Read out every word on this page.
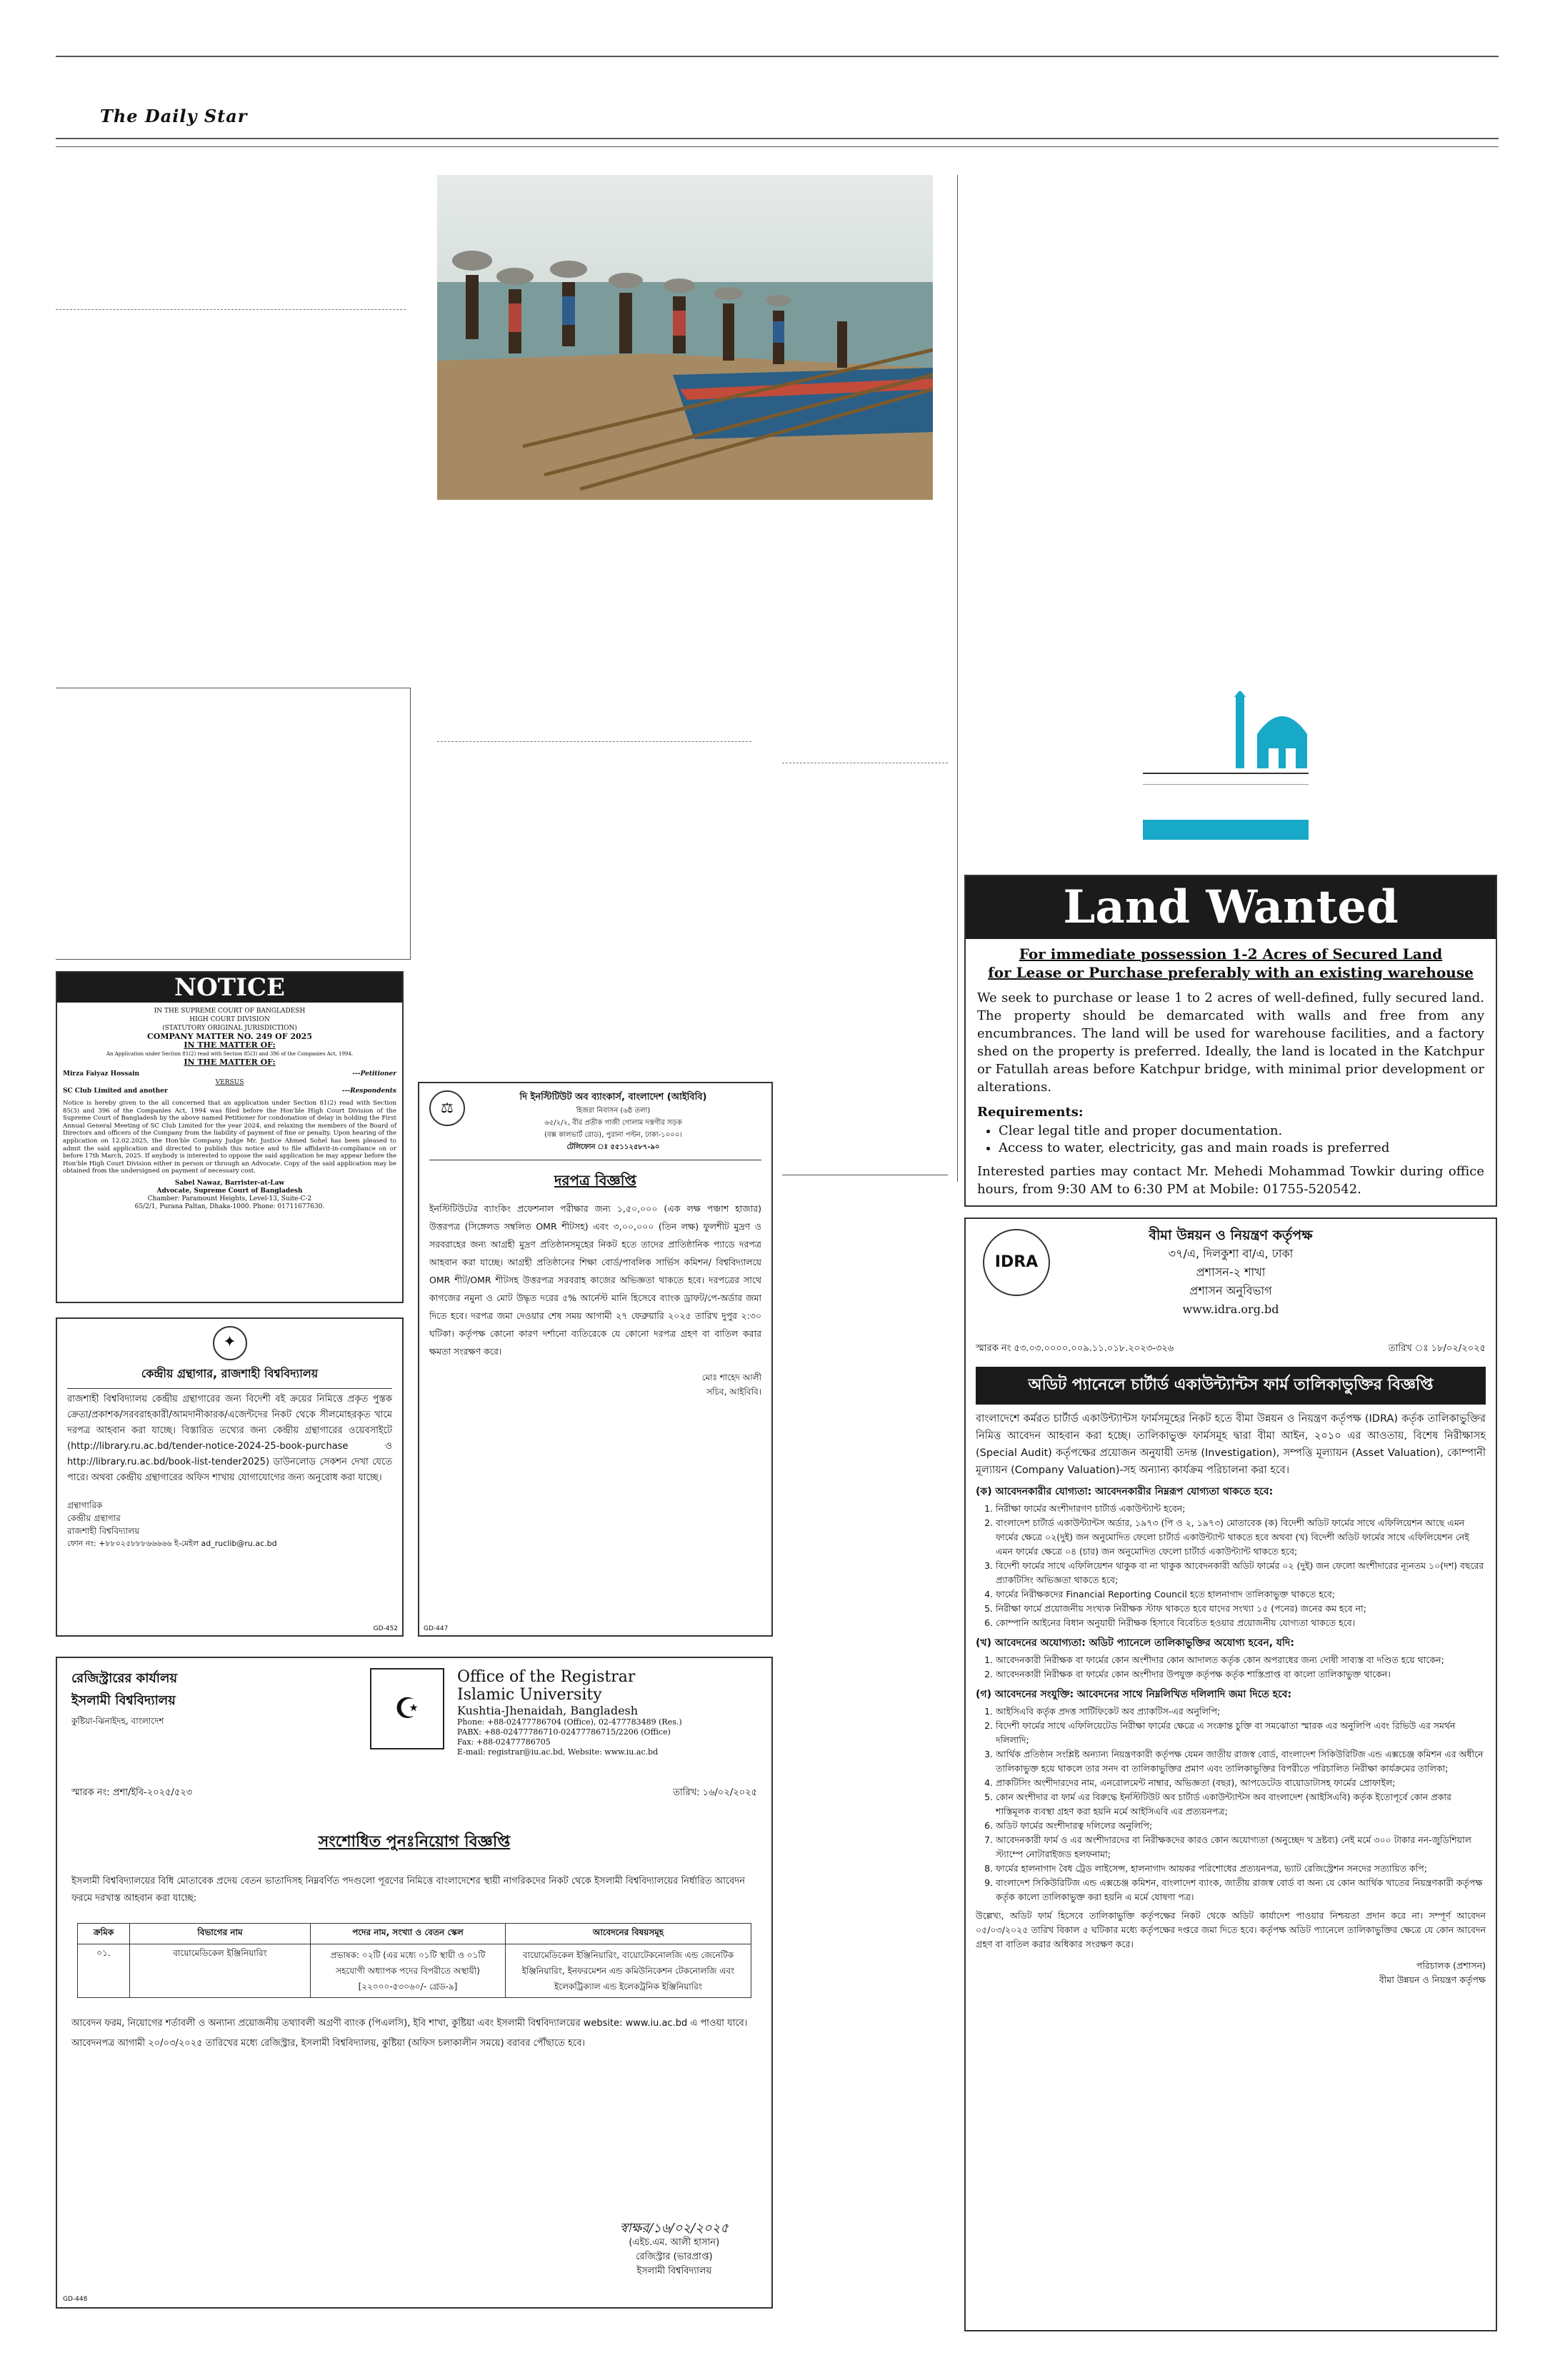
The Daily Star
NOTICE
IN THE SUPREME COURT OF BANGLADESH
HIGH COURT DIVISION
(STATUTORY ORIGINAL JURISDICTION)
COMPANY MATTER NO. 249 OF 2025
IN THE MATTER OF:
An Application under Section 81(2) read with Section 85(3) and 396 of the Companies Act, 1994.
IN THE MATTER OF:
Mirza Faiyaz Hossain	---Petitioner
VERSUS
SC Club Limited and another	---Respondents
Notice is hereby given to the all concerned that an application under Section 81(2) read with Section 85(3) and 396 of the Companies Act, 1994 was filed before the Hon'ble High Court Division of the Supreme Court of Bangladesh by the above named Petitioner for condonation of delay in holding the First Annual General Meeting of SC Club Limited for the year 2024, and relaxing the members of the Board of Directors and officers of the Company from the liability of payment of fine or penalty. Upon hearing of the application on 12.02.2025, the Hon'ble Company Judge Mr. Justice Ahmed Sohel has been pleased to admit the said application and directed to publish this notice and to file affidavit-in-compliance on or before 17th March, 2025. If anybody is interested to oppose the said application he may appear before the Hon'ble High Court Division either in person or through an Advocate. Copy of the said application may be obtained from the undersigned on payment of necessary cost.
Sabel Nawaz, Barrister-at-Law
Advocate, Supreme Court of Bangladesh
Chamber: Paramount Heights, Level-13, Suite-C-2
65/2/1, Purana Paltan, Dhaka-1000. Phone: 01711677630.
✦
কেন্দ্রীয় গ্রন্থাগার, রাজশাহী বিশ্ববিদ্যালয়
রাজশাহী বিশ্ববিদ্যালয় কেন্দ্রীয় গ্রন্থাগারের জন্য বিদেশী বই ক্রয়ের নিমিত্তে প্রকৃত পুস্তক ক্রেতা/প্রকাশক/সরবরাহকারী/আমদানীকারক/এজেন্টদের নিকট থেকে সীলমোহরকৃত খামে দরপত্র আহবান করা যাচ্ছে। বিস্তারিত তথ্যের জন্য কেন্দ্রীয় গ্রন্থাগারের ওয়েবসাইটে (http://library.ru.ac.bd/tender-notice-2024-25-book-purchase ও http://library.ru.ac.bd/book-list-tender2025) ডাউনলোড সেকশন দেখা যেতে পারে। অথবা কেন্দ্রীয় গ্রন্থাগারের অফিস শাখায় যোগাযোগের জন্য অনুরোধ করা যাচ্ছে।
গ্রন্থাগারিক
কেন্দ্রীয় গ্রন্থাগার
রাজশাহী বিশ্ববিদ্যালয়
ফোন নং: +৮৮০২৫৮৮৮৬৬৬৬৬ ই-মেইল ad_ruclib@ru.ac.bd
GD-452
⚖
দি ইনস্টিটিউট অব ব্যাংকার্স, বাংলাদেশ (আইবিবি)
হিজরা নিবাসন (৬ষ্ঠ তলা)
৬৫/২/২, বীর প্রতীক গাজী গোলাম দস্তগীর সড়ক
(বক্স কালভার্ট রোড), পুরানা পল্টন, ঢাকা-১০০০।
টেলিফোন ঃ ৫৫১১২৫৮৭-৯০
দরপত্র বিজ্ঞপ্তি
ইনস্টিটিউটের ব্যাংকিং প্রফেশনাল পরীক্ষার জন্য ১,৫০,০০০ (এক লক্ষ পঞ্চাশ হাজার) উত্তরপত্র (সিঙ্গেলড সম্বলিত OMR শীটসহ) এবং ৩,০০,০০০ (তিন লক্ষ) ফুলশীট মুদ্রণ ও সরবরাহের জন্য আগ্রহী মুদ্রণ প্রতিষ্ঠানসমূহের নিকট হতে তাদের প্রাতিষ্ঠানিক প্যাডে দরপত্র আহবান করা যাচ্ছে। আগ্রহী প্রতিষ্ঠানের শিক্ষা বোর্ড/পাবলিক সার্ভিস কমিশন/ বিশ্ববিদ্যালয়ে OMR শীট/OMR শীটসহ উত্তরপত্র সরবরাহ কাজের অভিজ্ঞতা থাকতে হবে। দরপত্রের সাথে কাগজের নমুনা ও মোট উদ্ধৃত দরের ৫% আর্নেস্ট মানি হিসেবে ব্যাংক ড্রাফট/পে-অর্ডার জমা দিতে হবে। দরপত্র জমা দেওয়ার শেষ সময় আগামী ২৭ ফেব্রুয়ারি ২০২৫ তারিখ দুপুর ২:৩০ ঘটিকা। কর্তৃপক্ষ কোনো কারণ দর্শানো ব্যতিরেকে যে কোনো দরপত্র গ্রহণ বা বাতিল করার ক্ষমতা সংরক্ষণ করে।
মোঃ শাহেদ আলী
সচিব, আইবিবি।
GD-447
রেজিস্ট্রারের কার্যালয়
ইসলামী বিশ্ববিদ্যালয়
কুষ্টিয়া-ঝিনাইদহ, বাংলাদেশ	☪
Office of the Registrar
Islamic University
Kushtia-Jhenaidah, Bangladesh
Phone: +88-02477786704 (Office), 02-477783489 (Res.)
PABX: +88-02477786710-02477786715/2206 (Office)
Fax: +88-02477786705
E-mail: registrar@iu.ac.bd, Website: www.iu.ac.bd
স্মারক নং: প্রশা/ইবি-২০২৫/৫২৩	তারিখ: ১৬/০২/২০২৫
সংশোধিত পুনঃনিয়োগ বিজ্ঞপ্তি
ইসলামী বিশ্ববিদ্যালয়ের বিধি মোতাবেক প্রদেয় বেতন ভাতাদিসহ নিম্নবর্ণিত পদগুলো পূরণের নিমিত্তে বাংলাদেশের স্থায়ী নাগরিকদের নিকট থেকে ইসলামী বিশ্ববিদ্যালয়ের নির্ধারিত আবেদন ফরমে দরখাস্ত আহবান করা যাচ্ছে:
ক্রমিক	বিভাগের নাম	পদের নাম, সংখ্যা ও বেতন স্কেল	আবেদনের বিষয়সমূহ
০১.	বায়োমেডিকেল ইঞ্জিনিয়ারিং	প্রভাষক: ০২টি (এর মধ্যে ০১টি স্থায়ী ও ০১টি সহযোগী অধ্যাপক পদের বিপরীতে অস্থায়ী) [২২০০০-৫৩০৬০/- গ্রেড-৯]	বায়োমেডিকেল ইঞ্জিনিয়ারিং, বায়োটেকনোলজি এন্ড জেনেটিক ইঞ্জিনিয়ারিং, ইনফরমেশন এন্ড কমিউনিকেশন টেকনোলজি এবং ইলেকট্রিক্যাল এন্ড ইলেকট্রনিক ইঞ্জিনিয়ারিং
আবেদন ফরম, নিয়োগের শর্তাবলী ও অন্যান্য প্রয়োজনীয় তথ্যাবলী অগ্রণী ব্যাংক (পিএলসি), ইবি শাখা, কুষ্টিয়া এবং ইসলামী বিশ্ববিদ্যালয়ের website: www.iu.ac.bd এ পাওয়া যাবে। আবেদনপত্র আগামী ২০/০৩/২০২৫ তারিখের মধ্যে রেজিস্ট্রার, ইসলামী বিশ্ববিদ্যালয়, কুষ্টিয়া (অফিস চলাকালীন সময়ে) বরাবর পৌঁছাতে হবে।
স্বাক্ষর/১৬/০২/২০২৫
(এইচ.এম. আলী হাসান)
রেজিস্ট্রার (ভারপ্রাপ্ত)
ইসলামী বিশ্ববিদ্যালয়
GD-448
Land Wanted
For immediate possession 1-2 Acres of Secured Land
for Lease or Purchase preferably with an existing warehouse
We seek to purchase or lease 1 to 2 acres of well-defined, fully secured land. The property should be demarcated with walls and free from any encumbrances. The land will be used for warehouse facilities, and a factory shed on the property is preferred. Ideally, the land is located in the Katchpur or Fatullah areas before Katchpur bridge, with minimal prior development or alterations.
Requirements:
• Clear legal title and proper documentation.
• Access to water, electricity, gas and main roads is preferred
Interested parties may contact Mr. Mehedi Mohammad Towkir during office hours, from 9:30 AM to 6:30 PM at Mobile: 01755-520542.
IDRA
বীমা উন্নয়ন ও নিয়ন্ত্রণ কর্তৃপক্ষ
৩৭/এ, দিলকুশা বা/এ, ঢাকা
প্রশাসন-২ শাখা
প্রশাসন অনুবিভাগ
www.idra.org.bd
স্মারক নং ৫৩.০৩.০০০০.০০৯.১১.০১৮.২০২৩-৩২৬	তারিখ ঃ ১৮/০২/২০২৫
অডিট প্যানেলে চার্টার্ড একাউন্ট্যান্টস ফার্ম তালিকাভুক্তির বিজ্ঞপ্তি
বাংলাদেশে কর্মরত চার্টার্ড একাউন্ট্যান্টস ফার্মসমূহের নিকট হতে বীমা উন্নয়ন ও নিয়ন্ত্রণ কর্তৃপক্ষ (IDRA) কর্তৃক তালিকাভুক্তির নিমিত্ত আবেদন আহবান করা হচ্ছে। তালিকাভুক্ত ফার্মসমূহ দ্বারা বীমা আইন, ২০১০ এর আওতায়, বিশেষ নিরীক্ষাসহ (Special Audit) কর্তৃপক্ষের প্রয়োজন অনুযায়ী তদন্ত (Investigation), সম্পত্তি মূল্যায়ন (Asset Valuation), কোম্পানী মূল্যায়ন (Company Valuation)-সহ অন্যান্য কার্যক্রম পরিচালনা করা হবে।
(ক) আবেদনকারীর যোগ্যতা: আবেদনকারীর নিম্নরূপ যোগ্যতা থাকতে হবে:
1. নিরীক্ষা ফার্মের অংশীদারগণ চার্টার্ড একাউন্ট্যান্ট হবেন;
2. বাংলাদেশ চার্টার্ড একাউন্ট্যান্টস অর্ডার, ১৯৭৩ (পি ও ২, ১৯৭৩) মোতাবেক (ক) বিদেশী অডিট ফার্মের সাথে এফিলিয়েশন আছে এমন ফার্মের ক্ষেত্রে ০২(দুই) জন অনুমোদিত ফেলো চার্টার্ড একাউন্ট্যান্ট থাকতে হবে অথবা (খ) বিদেশী অডিট ফার্মের সাথে এফিলিয়েশন নেই এমন ফার্মের ক্ষেত্রে ০৪ (চার) জন অনুমোদিত ফেলো চার্টার্ড একাউন্ট্যান্ট থাকতে হবে;
3. বিদেশী ফার্মের সাথে এফিলিয়েশন থাকুক বা না থাকুক আবেদনকারী অডিট ফার্মের ০২ (দুই) জন ফেলো অংশীদারের ন্যূনতম ১০(দশ) বছরের প্র্যাকটিসিং অভিজ্ঞতা থাকতে হবে;
4. ফার্মের নিরীক্ষকদের Financial Reporting Council হতে হালনাগাদ তালিকাভুক্ত থাকতে হবে;
5. নিরীক্ষা ফার্মে প্রয়োজনীয় সংখ্যক নিরীক্ষক স্টাফ থাকতে হবে যাদের সংখ্যা ১৫ (পনের) জনের কম হবে না;
6. কোম্পানি আইনের বিধান অনুযায়ী নিরীক্ষক হিসাবে বিবেচিত হওয়ার প্রয়োজনীয় যোগ্যতা থাকতে হবে।
(খ) আবেদনের অযোগ্যতা: অডিট প্যানেলে তালিকাভুক্তির অযোগ্য হবেন, যদি:
1. আবেদনকারী নিরীক্ষক বা ফার্মের কোন অংশীদার কোন আদালত কর্তৃক কোন অপরাধের জন্য দোষী সাব্যস্ত বা দণ্ডিত হয়ে থাকেন;
2. আবেদনকারী নিরীক্ষক বা ফার্মের কোন অংশীদার উপযুক্ত কর্তৃপক্ষ কর্তৃক শাস্তিপ্রাপ্ত বা কালো তালিকাভুক্ত থাকেন।
(গ) আবেদনের সংযুক্তি: আবেদনের সাথে নিম্নলিখিত দলিলাদি জমা দিতে হবে:
1. আইসিএবি কর্তৃক প্রদত্ত সার্টিফিকেট অব প্র্যাকটিস-এর অনুলিপি;
2. বিদেশী ফার্মের সাথে এফিলিয়েটেড নিরীক্ষা ফার্মের ক্ষেত্রে এ সংক্রান্ত চুক্তি বা সমঝোতা স্মারক এর অনুলিপি এবং রিভিউ এর সমর্থন দলিলাদি;
3. আর্থিক প্রতিষ্ঠান সংশ্লিষ্ট অন্যান্য নিয়ন্ত্রণকারী কর্তৃপক্ষ যেমন জাতীয় রাজস্ব বোর্ড, বাংলাদেশ সিকিউরিটিজ এন্ড এক্সচেঞ্জ কমিশন এর অধীনে তালিকাভুক্ত হয়ে থাকলে তার সনদ বা তালিকাভুক্তির প্রমাণ এবং তালিকাভুক্তির বিপরীতে পরিচালিত নিরীক্ষা কার্যক্রমের তালিকা;
4. প্রাকটিসিং অংশীদারদের নাম, এনরোলমেন্ট নাম্বার, অভিজ্ঞতা (বছর), আপডেটেড বায়োডাটাসহ ফার্মের প্রোফাইল;
5. কোন অংশীদার বা ফার্ম এর বিরুদ্ধে ইনস্টিটিউট অব চার্টার্ড একাউন্ট্যান্টস অব বাংলাদেশ (আইসিএবি) কর্তৃক ইতোপূর্বে কোন প্রকার শাস্তিমূলক ব্যবস্থা গ্রহণ করা হয়নি মর্মে আইসিএবি এর প্রত্যয়নপত্র;
6. অডিট ফার্মের অংশীদারত্ব দলিলের অনুলিপি;
7. আবেদনকারী ফার্ম ও এর অংশীদারদের বা নিরীক্ষকদের কারও কোন অযোগ্যতা (অনুচ্ছেদ খ দ্রষ্টব্য) নেই মর্মে ৩০০ টাকার নন-জুডিশিয়াল স্ট্যাম্পে নোটারাইজড হলফনামা;
8. ফার্মের হালনাগাদ বৈধ ট্রেড লাইসেন্স, হালনাগাদ আয়কর পরিশোধের প্রত্যয়নপত্র, ভ্যাট রেজিস্ট্রেশন সনদের সত্যায়িত কপি;
9. বাংলাদেশ সিকিউরিটিজ এন্ড এক্সচেঞ্জ কমিশন, বাংলাদেশ ব্যাংক, জাতীয় রাজস্ব বোর্ড বা অন্য যে কোন আর্থিক খাতের নিয়ন্ত্রণকারী কর্তৃপক্ষ কর্তৃক কালো তালিকাভুক্ত করা হয়নি এ মর্মে যোষণা পত্র।
উল্লেখ্য, অডিট ফার্ম হিসেবে তালিকাভুক্তি কর্তৃপক্ষের নিকট থেকে অডিট কার্যাদেশ পাওয়ার নিশ্চয়তা প্রদান করে না। সম্পূর্ণ আবেদন ০৫/০৩/২০২৫ তারিখ বিকাল ৫ ঘটিকার মধ্যে কর্তৃপক্ষের দপ্তরে জমা দিতে হবে। কর্তৃপক্ষ অডিট প্যানেলে তালিকাভুক্তির ক্ষেত্রে যে কোন আবেদন গ্রহণ বা বাতিল করার অধিকার সংরক্ষণ করে।
পরিচালক (প্রশাসন)
বীমা উন্নয়ন ও নিয়ন্ত্রণ কর্তৃপক্ষ
